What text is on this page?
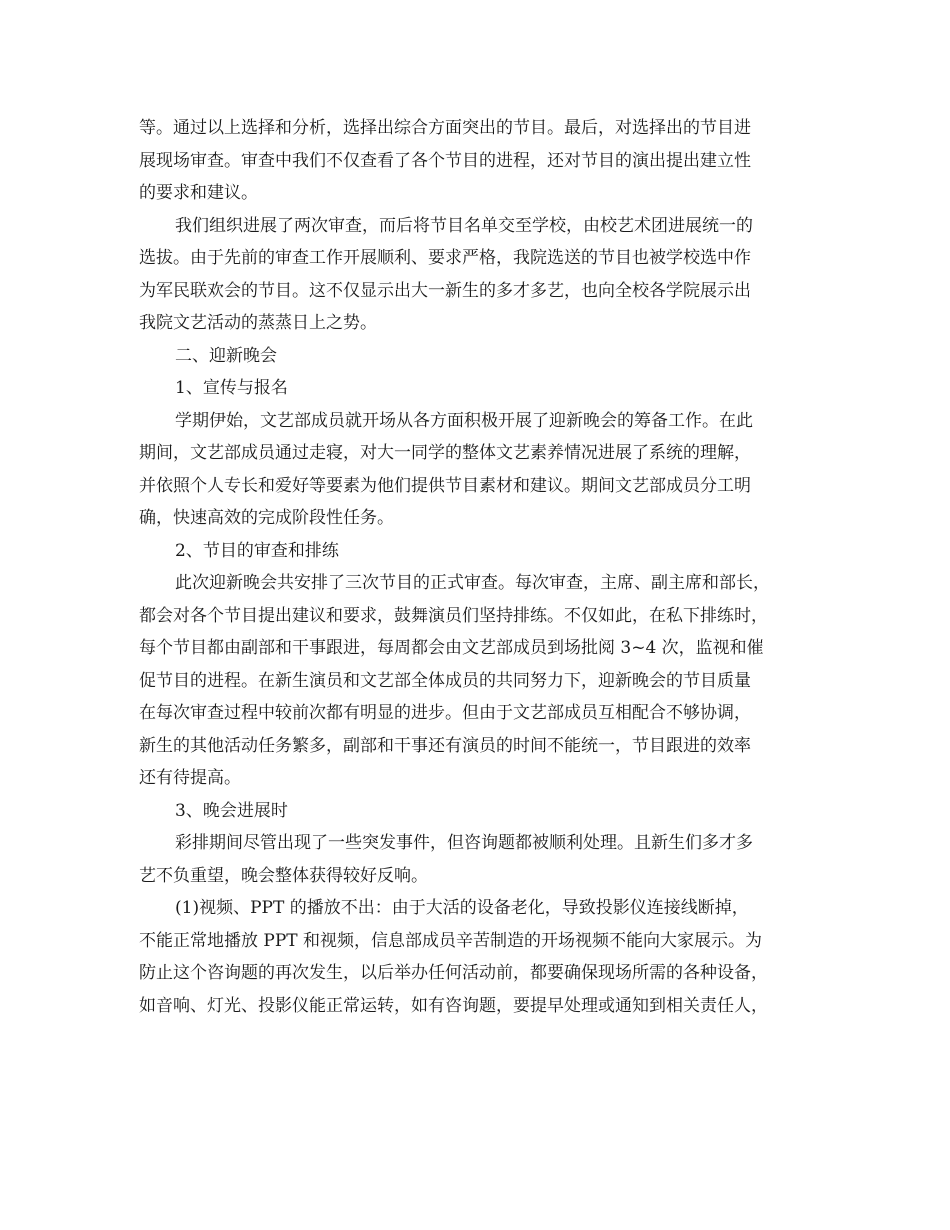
等。通过以上选择和分析，选择出综合方面突出的节目。最后，对选择出的节目进
展现场审查。审查中我们不仅查看了各个节目的进程，还对节目的演出提出建立性
的要求和建议。
我们组织进展了两次审查，而后将节目名单交至学校，由校艺术团进展统一的
选拔。由于先前的审查工作开展顺利、要求严格，我院选送的节目也被学校选中作
为军民联欢会的节目。这不仅显示出大一新生的多才多艺，也向全校各学院展示出
我院文艺活动的蒸蒸日上之势。
二、迎新晚会
1、宣传与报名
学期伊始，文艺部成员就开场从各方面积极开展了迎新晚会的筹备工作。在此
期间，文艺部成员通过走寝，对大一同学的整体文艺素养情况进展了系统的理解，
并依照个人专长和爱好等要素为他们提供节目素材和建议。期间文艺部成员分工明
确，快速高效的完成阶段性任务。
2、节目的审查和排练
此次迎新晚会共安排了三次节目的正式审查。每次审查，主席、副主席和部长，
都会对各个节目提出建议和要求，鼓舞演员们坚持排练。不仅如此，在私下排练时，
每个节目都由副部和干事跟进，每周都会由文艺部成员到场批阅 3~4 次，监视和催
促节目的进程。在新生演员和文艺部全体成员的共同努力下，迎新晚会的节目质量
在每次审查过程中较前次都有明显的进步。但由于文艺部成员互相配合不够协调，
新生的其他活动任务繁多，副部和干事还有演员的时间不能统一，节目跟进的效率
还有待提高。
3、晚会进展时
彩排期间尽管出现了一些突发事件，但咨询题都被顺利处理。且新生们多才多
艺不负重望，晚会整体获得较好反响。
(1)视频、PPT 的播放不出：由于大活的设备老化，导致投影仪连接线断掉，
不能正常地播放 PPT 和视频，信息部成员辛苦制造的开场视频不能向大家展示。为
防止这个咨询题的再次发生，以后举办任何活动前，都要确保现场所需的各种设备，
如音响、灯光、投影仪能正常运转，如有咨询题，要提早处理或通知到相关责任人，
